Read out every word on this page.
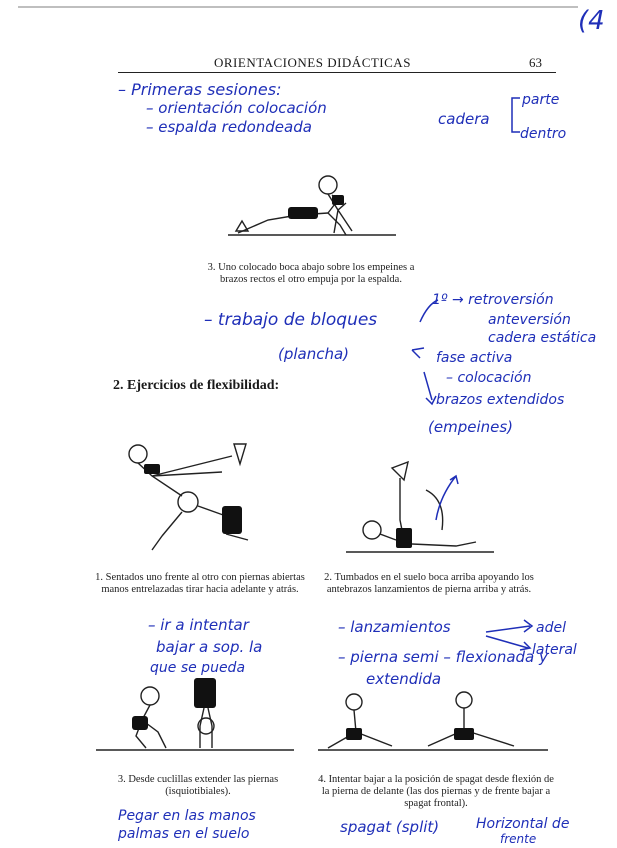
(4
ORIENTACIONES DIDÁCTICAS	63
– Primeras sesiones:
– orientación colocación
– espalda redondeada	cadera
parte
dentro
3. Uno colocado boca abajo sobre los empeines a brazos rectos el otro empuja por la espalda.
– trabajo de bloques
(plancha)
1º → retroversión
anteversión
cadera estática
fase activa
– colocación
brazos extendidos
(empeines)
2. Ejercicios de flexibilidad:
1. Sentados uno frente al otro con piernas abiertas manos entrelazadas tirar hacia adelante y atrás.
2. Tumbados en el suelo boca arriba apoyando los antebrazos lanzamientos de pierna arriba y atrás.
– ir a intentar
bajar a sop. la
que se pueda
– lanzamientos	adel
lateral
– pierna semi – flexionada y
extendida
3. Desde cuclillas extender las piernas (isquiotibiales).
4. Intentar bajar a la posición de spagat desde flexión de la pierna de delante (las dos piernas y de frente bajar a spagat frontal).
Pegar en las manos
palmas en el suelo	spagat (split)	Horizontal de
frente
